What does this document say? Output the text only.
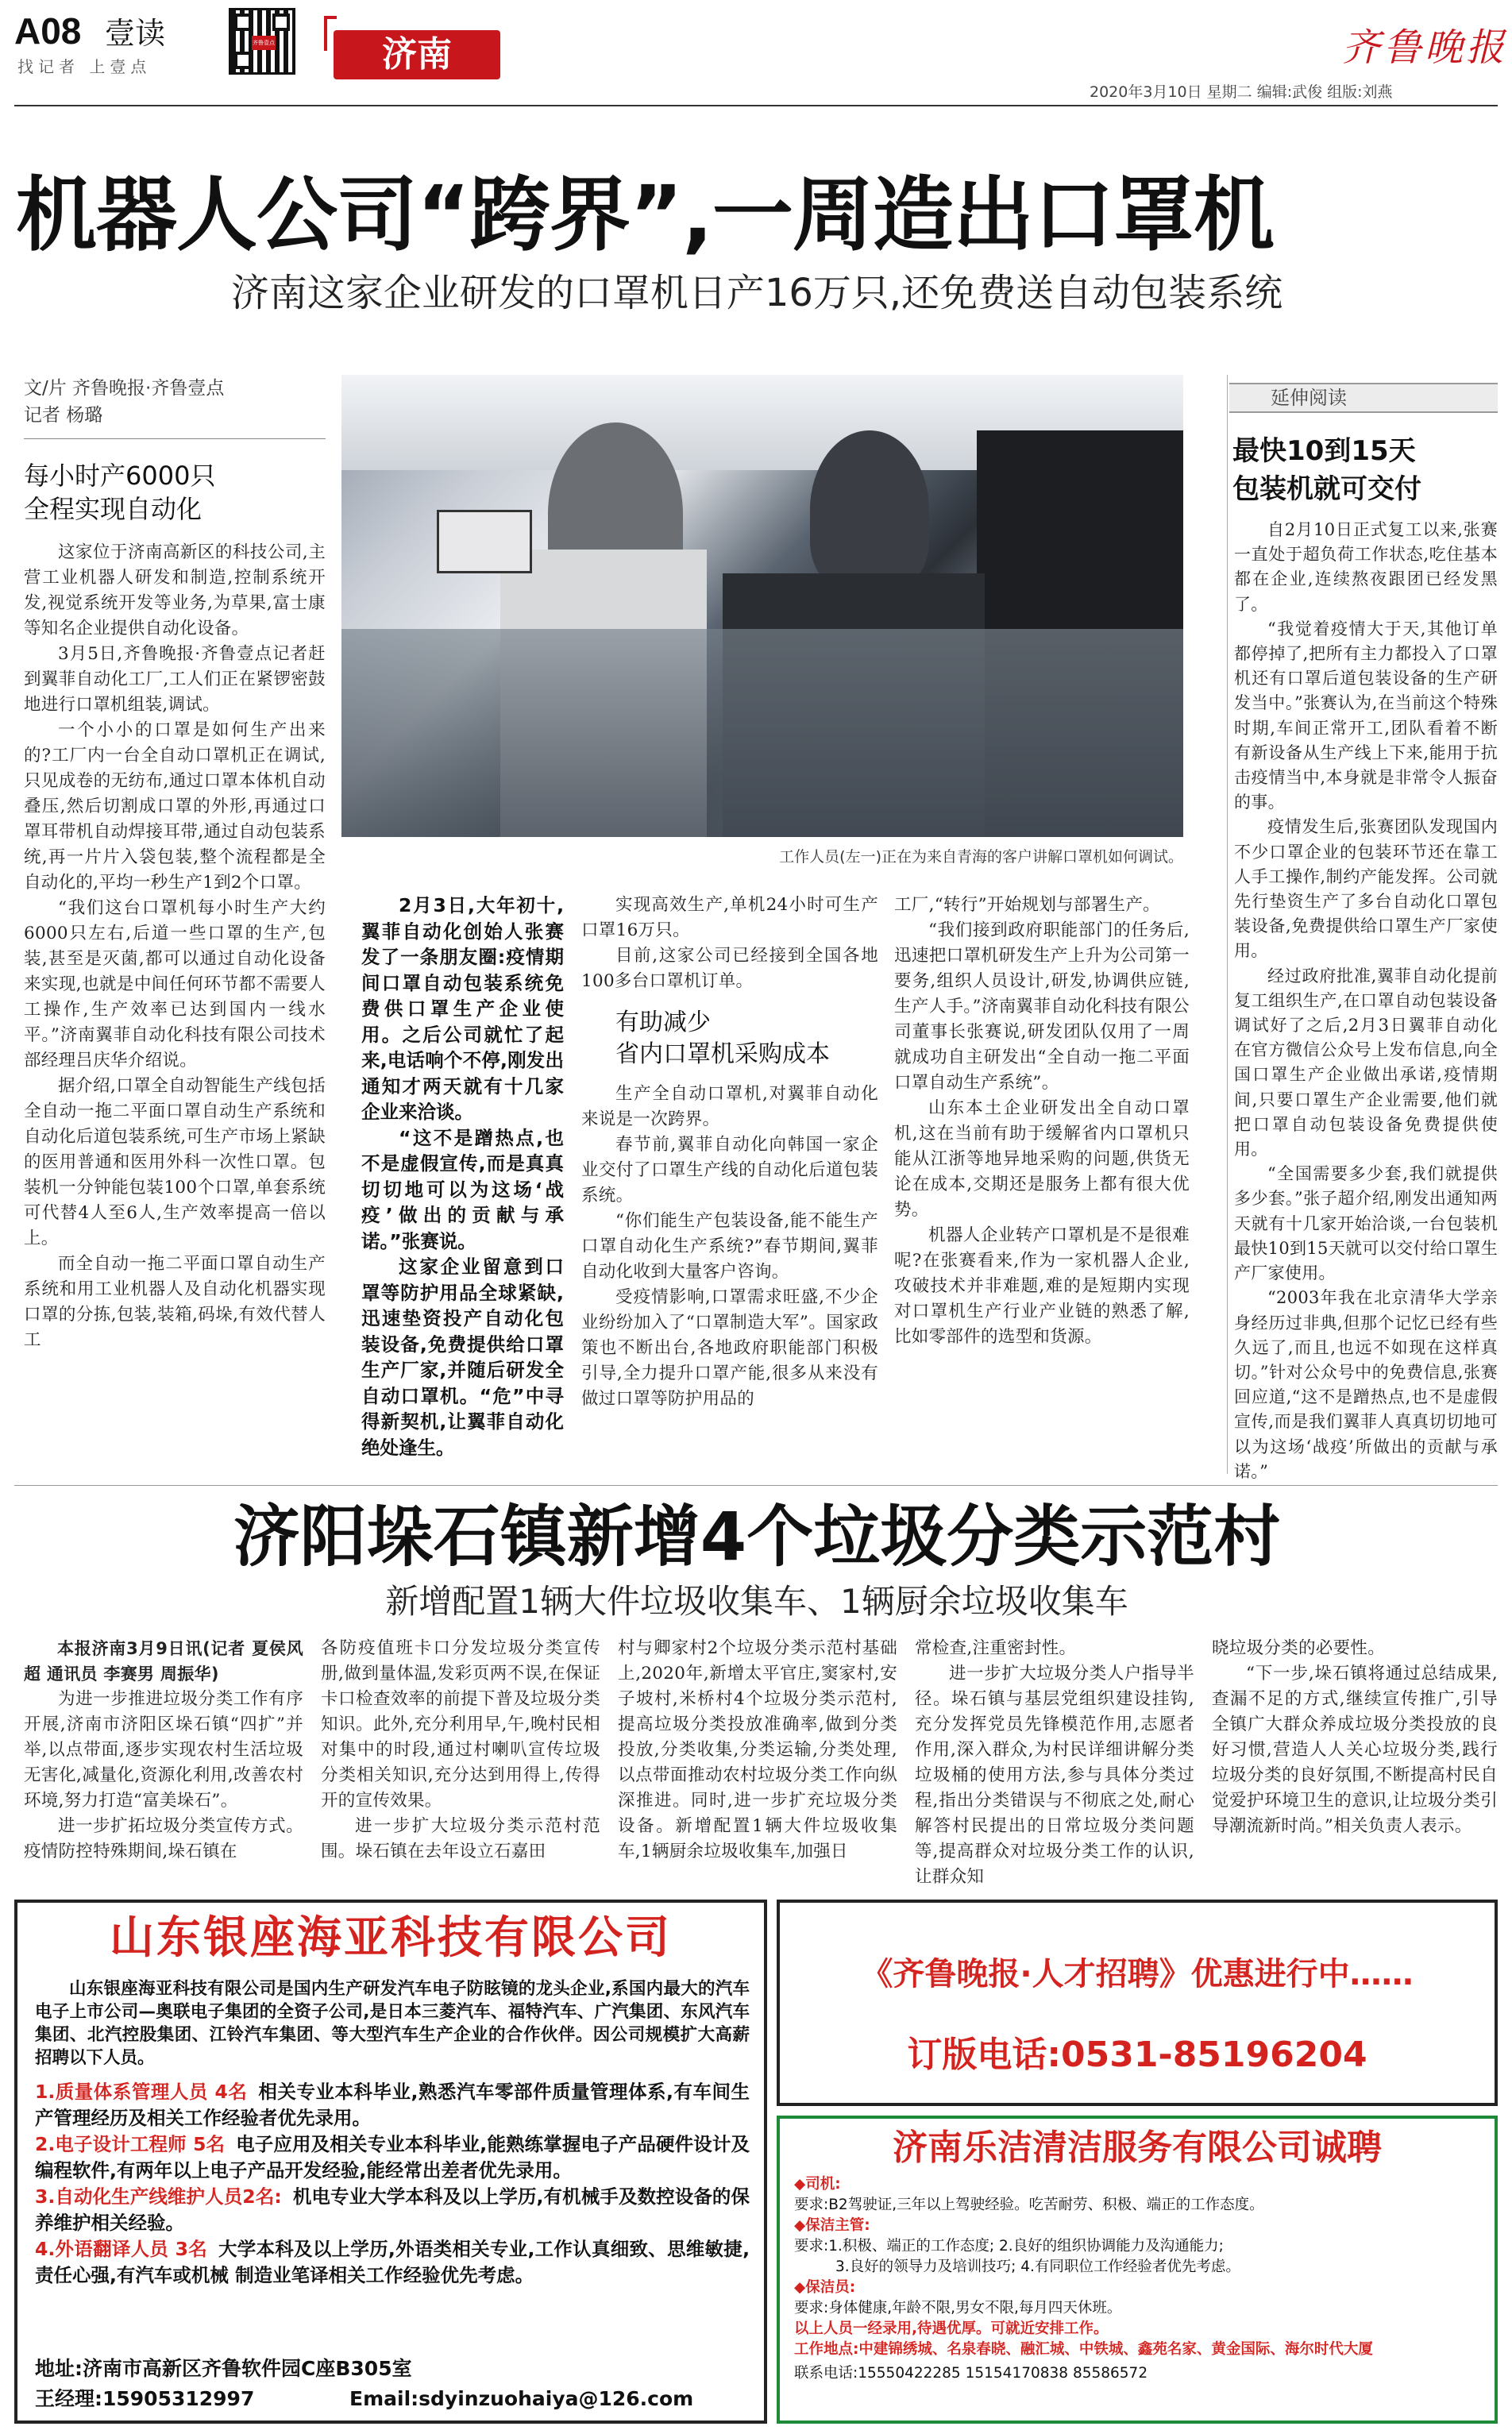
A08 壹读
找记者 上壹点
齐鲁壹点	济南	齐鲁晚报
2020年3月10日 星期二 编辑:武俊 组版:刘燕
机器人公司“跨界”,一周造出口罩机
济南这家企业研发的口罩机日产16万只,还免费送自动包装系统
文/片 齐鲁晚报·齐鲁壹点
记者 杨璐
每小时产6000只
全程实现自动化

这家位于济南高新区的科技公司,主营工业机器人研发和制造,控制系统开发,视觉系统开发等业务,为草果,富士康等知名企业提供自动化设备。

3月5日,齐鲁晚报·齐鲁壹点记者赶到翼菲自动化工厂,工人们正在紧锣密鼓地进行口罩机组装,调试。

一个小小的口罩是如何生产出来的?工厂内一台全自动口罩机正在调试,只见成卷的无纺布,通过口罩本体机自动叠压,然后切割成口罩的外形,再通过口罩耳带机自动焊接耳带,通过自动包装系统,再一片片入袋包装,整个流程都是全自动化的,平均一秒生产1到2个口罩。

“我们这台口罩机每小时生产大约6000只左右,后道一些口罩的生产,包装,甚至是灭菌,都可以通过自动化设备来实现,也就是中间任何环节都不需要人工操作,生产效率已达到国内一线水平。”济南翼菲自动化科技有限公司技术部经理吕庆华介绍说。

据介绍,口罩全自动智能生产线包括全自动一拖二平面口罩自动生产系统和自动化后道包装系统,可生产市场上紧缺的医用普通和医用外科一次性口罩。包装机一分钟能包装100个口罩,单套系统可代替4人至6人,生产效率提高一倍以上。

而全自动一拖二平面口罩自动生产系统和用工业机器人及自动化机器实现口罩的分拣,包装,装箱,码垛,有效代替人工

工作人员(左一)正在为来自青海的客户讲解口罩机如何调试。

2月3日,大年初十,翼菲自动化创始人张赛发了一条朋友圈:疫情期间口罩自动包装系统免费供口罩生产企业使用。之后公司就忙了起来,电话响个不停,刚发出通知才两天就有十几家企业来洽谈。

“这不是蹭热点,也不是虚假宣传,而是真真切切地可以为这场‘战疫’做出的贡献与承诺。”张赛说。

这家企业留意到口罩等防护用品全球紧缺,迅速垫资投产自动化包装设备,免费提供给口罩生产厂家,并随后研发全自动口罩机。“危”中寻得新契机,让翼菲自动化绝处逢生。

实现高效生产,单机24小时可生产口罩16万只。

目前,这家公司已经接到全国各地100多台口罩机订单。

有助减少
省内口罩机采购成本

生产全自动口罩机,对翼菲自动化来说是一次跨界。

春节前,翼菲自动化向韩国一家企业交付了口罩生产线的自动化后道包装系统。

“你们能生产包装设备,能不能生产口罩自动化生产系统?”春节期间,翼菲自动化收到大量客户咨询。

受疫情影响,口罩需求旺盛,不少企业纷纷加入了“口罩制造大军”。国家政策也不断出台,各地政府职能部门积极引导,全力提升口罩产能,很多从来没有做过口罩等防护用品的

工厂,“转行”开始规划与部署生产。

“我们接到政府职能部门的任务后,迅速把口罩机研发生产上升为公司第一要务,组织人员设计,研发,协调供应链,生产人手。”济南翼菲自动化科技有限公司董事长张赛说,研发团队仅用了一周就成功自主研发出“全自动一拖二平面口罩自动生产系统”。

山东本土企业研发出全自动口罩机,这在当前有助于缓解省内口罩机只能从江浙等地异地采购的问题,供货无论在成本,交期还是服务上都有很大优势。

机器人企业转产口罩机是不是很难呢?在张赛看来,作为一家机器人企业,攻破技术并非难题,难的是短期内实现对口罩机生产行业产业链的熟悉了解,比如零部件的选型和货源。

延伸阅读
最快10到15天
包装机就可交付

自2月10日正式复工以来,张赛一直处于超负荷工作状态,吃住基本都在企业,连续熬夜跟团已经发黑了。

“我觉着疫情大于天,其他订单都停掉了,把所有主力都投入了口罩机还有口罩后道包装设备的生产研发当中。”张赛认为,在当前这个特殊时期,车间正常开工,团队看着不断有新设备从生产线上下来,能用于抗击疫情当中,本身就是非常令人振奋的事。

疫情发生后,张赛团队发现国内不少口罩企业的包装环节还在靠工人手工操作,制约产能发挥。公司就先行垫资生产了多台自动化口罩包装设备,免费提供给口罩生产厂家使用。

经过政府批准,翼菲自动化提前复工组织生产,在口罩自动包装设备调试好了之后,2月3日翼菲自动化在官方微信公众号上发布信息,向全国口罩生产企业做出承诺,疫情期间,只要口罩生产企业需要,他们就把口罩自动包装设备免费提供使用。

“全国需要多少套,我们就提供多少套。”张子超介绍,刚发出通知两天就有十几家开始洽谈,一台包装机最快10到15天就可以交付给口罩生产厂家使用。

“2003年我在北京清华大学亲身经历过非典,但那个记忆已经有些久远了,而且,也远不如现在这样真切。”针对公众号中的免费信息,张赛回应道,“这不是蹭热点,也不是虚假宣传,而是我们翼菲人真真切切地可以为这场‘战疫’所做出的贡献与承诺。”

济阳垛石镇新增4个垃圾分类示范村
新增配置1辆大件垃圾收集车、1辆厨余垃圾收集车
本报济南3月9日讯(记者 夏侯风超 通讯员 李赛男 周振华)

为进一步推进垃圾分类工作有序开展,济南市济阳区垛石镇“四扩”并举,以点带面,逐步实现农村生活垃圾无害化,减量化,资源化利用,改善农村环境,努力打造“富美垛石”。

进一步扩拓垃圾分类宣传方式。疫情防控特殊期间,垛石镇在

各防疫值班卡口分发垃圾分类宣传册,做到量体温,发彩页两不误,在保证卡口检查效率的前提下普及垃圾分类知识。此外,充分利用早,午,晚村民相对集中的时段,通过村喇叭宣传垃圾分类相关知识,充分达到用得上,传得开的宣传效果。

进一步扩大垃圾分类示范村范围。垛石镇在去年设立石嘉田

村与卿家村2个垃圾分类示范村基础上,2020年,新增太平官庄,窦家村,安子坡村,米桥村4个垃圾分类示范村,提高垃圾分类投放准确率,做到分类投放,分类收集,分类运输,分类处理,以点带面推动农村垃圾分类工作向纵深推进。同时,进一步扩充垃圾分类设备。新增配置1辆大件垃圾收集车,1辆厨余垃圾收集车,加强日

常检查,注重密封性。

进一步扩大垃圾分类人户指导半径。垛石镇与基层党组织建设挂钩,充分发挥党员先锋模范作用,志愿者作用,深入群众,为村民详细讲解分类垃圾桶的使用方法,参与具体分类过程,指出分类错误与不彻底之处,耐心解答村民提出的日常垃圾分类问题等,提高群众对垃圾分类工作的认识,让群众知

晓垃圾分类的必要性。

“下一步,垛石镇将通过总结成果,查漏不足的方式,继续宣传推广,引导全镇广大群众养成垃圾分类投放的良好习惯,营造人人关心垃圾分类,践行垃圾分类的良好氛围,不断提高村民自觉爱护环境卫生的意识,让垃圾分类引导潮流新时尚。”相关负责人表示。

山东银座海亚科技有限公司
山东银座海亚科技有限公司是国内生产研发汽车电子防眩镜的龙头企业,系国内最大的汽车电子上市公司—奥联电子集团的全资子公司,是日本三菱汽车、福特汽车、广汽集团、东风汽车集团、北汽控股集团、江铃汽车集团、等大型汽车生产企业的合作伙伴。因公司规模扩大高薪招聘以下人员。
1.质量体系管理人员 4名 相关专业本科毕业,熟悉汽车零部件质量管理体系,有车间生产管理经历及相关工作经验者优先录用。
2.电子设计工程师 5名 电子应用及相关专业本科毕业,能熟练掌握电子产品硬件设计及编程软件,有两年以上电子产品开发经验,能经常出差者优先录用。
3.自动化生产线维护人员2名: 机电专业大学本科及以上学历,有机械手及数控设备的保养维护相关经验。
4.外语翻译人员 3名 大学本科及以上学历,外语类相关专业,工作认真细致、思维敏捷,责任心强,有汽车或机械 制造业笔译相关工作经验优先考虑。
地址:济南市高新区齐鲁软件园C座B305室
王经理:15905312997	Email:sdyinzuohaiya@126.com
《齐鲁晚报·人才招聘》优惠进行中……
订版电话:0531-85196204
济南乐洁清洁服务有限公司诚聘
◆司机:
要求:B2驾驶证,三年以上驾驶经验。吃苦耐劳、积极、端正的工作态度。
◆保洁主管:
要求:1.积极、端正的工作态度; 2.良好的组织协调能力及沟通能力;
3.良好的领导力及培训技巧; 4.有同职位工作经验者优先考虑。
◆保洁员:
要求:身体健康,年龄不限,男女不限,每月四天休班。
以上人员一经录用,待遇优厚。可就近安排工作。
工作地点:中建锦绣城、名泉春晓、融汇城、中铁城、鑫苑名家、黄金国际、海尔时代大厦
联系电话:15550422285 15154170838 85586572
